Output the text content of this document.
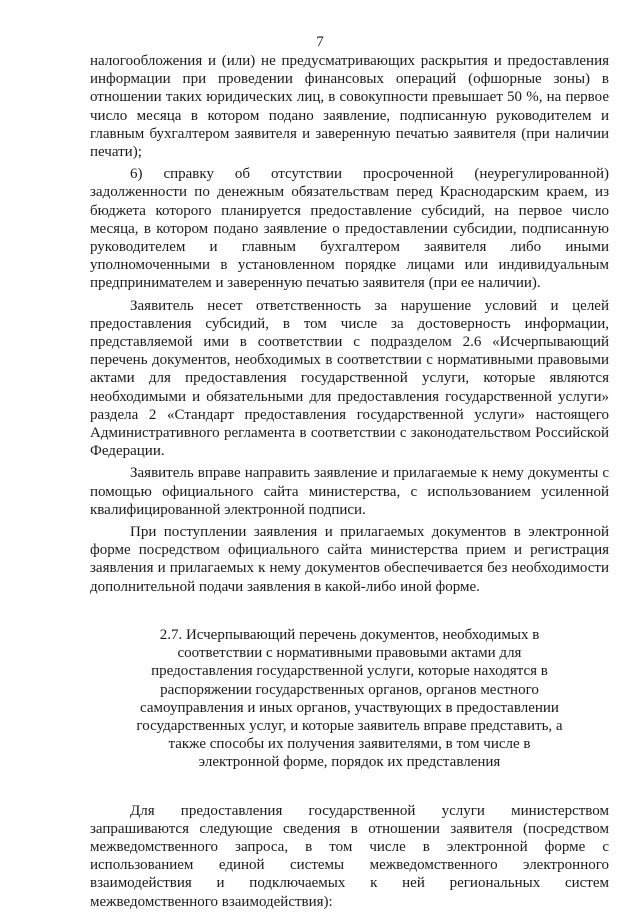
7

налогообложения и (или) не предусматривающих раскрытия и предоставления информации при проведении финансовых операций (офшорные зоны) в отношении таких юридических лиц, в совокупности превышает 50 %, на первое число месяца в котором подано заявление, подписанную руководителем и главным бухгалтером заявителя и заверенную печатью заявителя (при наличии печати);

6) справку об отсутствии просроченной (неурегулированной) задолженности по денежным обязательствам перед Краснодарским краем, из бюджета которого планируется предоставление субсидий, на первое число месяца, в котором подано заявление о предоставлении субсидии, подписанную руководителем и главным бухгалтером заявителя либо иными уполномоченными в установленном порядке лицами или индивидуальным предпринимателем и заверенную печатью заявителя (при ее наличии).

Заявитель несет ответственность за нарушение условий и целей предоставления субсидий, в том числе за достоверность информации, представляемой ими в соответствии с подразделом 2.6 «Исчерпывающий перечень документов, необходимых в соответствии с нормативными правовыми актами для предоставления государственной услуги, которые являются необходимыми и обязательными для предоставления государственной услуги» раздела 2 «Стандарт предоставления государственной услуги» настоящего Административного регламента в соответствии с законодательством Российской Федерации.

Заявитель вправе направить заявление и прилагаемые к нему документы с помощью официального сайта министерства, с использованием усиленной квалифицированной электронной подписи.

При поступлении заявления и прилагаемых документов в электронной форме посредством официального сайта министерства прием и регистрация заявления и прилагаемых к нему документов обеспечивается без необходимости дополнительной подачи заявления в какой-либо иной форме.

2.7. Исчерпывающий перечень документов, необходимых в соответствии с нормативными правовыми актами для предоставления государственной услуги, которые находятся в распоряжении государственных органов, органов местного самоуправления и иных органов, участвующих в предоставлении государственных услуг, и которые заявитель вправе представить, а также способы их получения заявителями, в том числе в электронной форме, порядок их представления

Для предоставления государственной услуги министерством запрашиваются следующие сведения в отношении заявителя (посредством межведомственного запроса, в том числе в электронной форме с использованием единой системы межведомственного электронного взаимодействия и подключаемых к ней региональных систем межведомственного взаимодействия):
